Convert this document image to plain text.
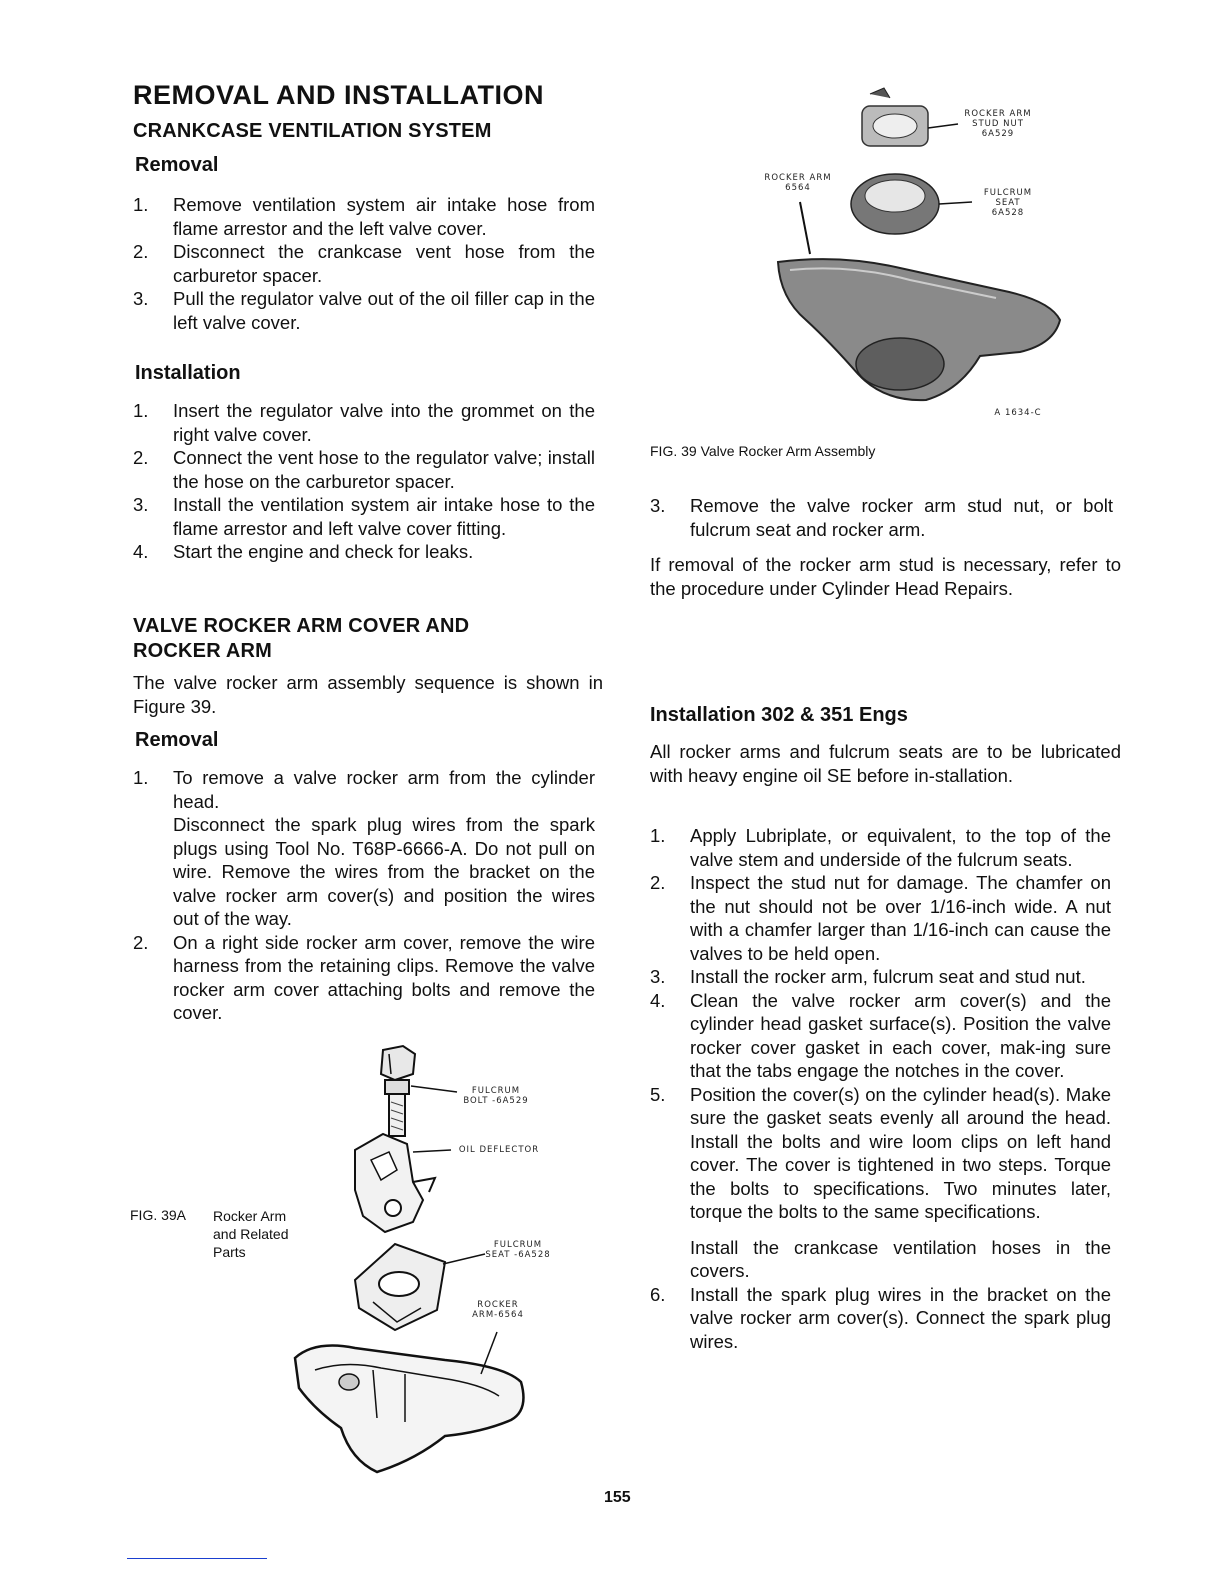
REMOVAL AND INSTALLATION
CRANKCASE VENTILATION SYSTEM
Removal
1. Remove ventilation system air intake hose from flame arrestor and the left valve cover.
2. Disconnect the crankcase vent hose from the carburetor spacer.
3. Pull the regulator valve out of the oil filler cap in the left valve cover.
Installation
1. Insert the regulator valve into the grommet on the right valve cover.
2. Connect the vent hose to the regulator valve; install the hose on the carburetor spacer.
3. Install the ventilation system air intake hose to the flame arrestor and left valve cover fitting.
4. Start the engine and check for leaks.
VALVE ROCKER ARM COVER AND
ROCKER ARM
The valve rocker arm assembly sequence is shown in Figure 39.
Removal
1. To remove a valve rocker arm from the cylinder head.
Disconnect the spark plug wires from the spark plugs using Tool No. T68P-6666-A. Do not pull on wire. Remove the wires from the bracket on the valve rocker arm cover(s) and position the wires out of the way.
2. On a right side rocker arm cover, remove the wire harness from the retaining clips. Remove the valve rocker arm cover attaching bolts and remove the cover.
FIG. 39A Rocker Arm
and Related
Parts
FULCRUM
BOLT -6A529
OIL DEFLECTOR
FULCRUM
SEAT -6A528
ROCKER
ARM-6564
ROCKER ARM
STUD NUT
6A529
ROCKER ARM
6564	FULCRUM
SEAT
6A528
A 1634-C
FIG. 39 Valve Rocker Arm Assembly
3. Remove the valve rocker arm stud nut, or bolt fulcrum seat and rocker arm.
If removal of the rocker arm stud is necessary, refer to the procedure under Cylinder Head Repairs.
Installation 302 & 351 Engs
All rocker arms and fulcrum seats are to be lubricated with heavy engine oil SE before in-stallation.
1. Apply Lubriplate, or equivalent, to the top of the valve stem and underside of the fulcrum seats.
2. Inspect the stud nut for damage. The chamfer on the nut should not be over 1/16-inch wide. A nut with a chamfer larger than 1/16-inch can cause the valves to be held open.
3. Install the rocker arm, fulcrum seat and stud nut.
4. Clean the valve rocker arm cover(s) and the cylinder head gasket surface(s). Position the valve rocker cover gasket in each cover, mak-ing sure that the tabs engage the notches in the cover.
5. Position the cover(s) on the cylinder head(s). Make sure the gasket seats evenly all around the head. Install the bolts and wire loom clips on left hand cover. The cover is tightened in two steps. Torque the bolts to specifications. Two minutes later, torque the bolts to the same specifications.
Install the crankcase ventilation hoses in the covers.
6. Install the spark plug wires in the bracket on the valve rocker arm cover(s). Connect the spark plug wires.
155
